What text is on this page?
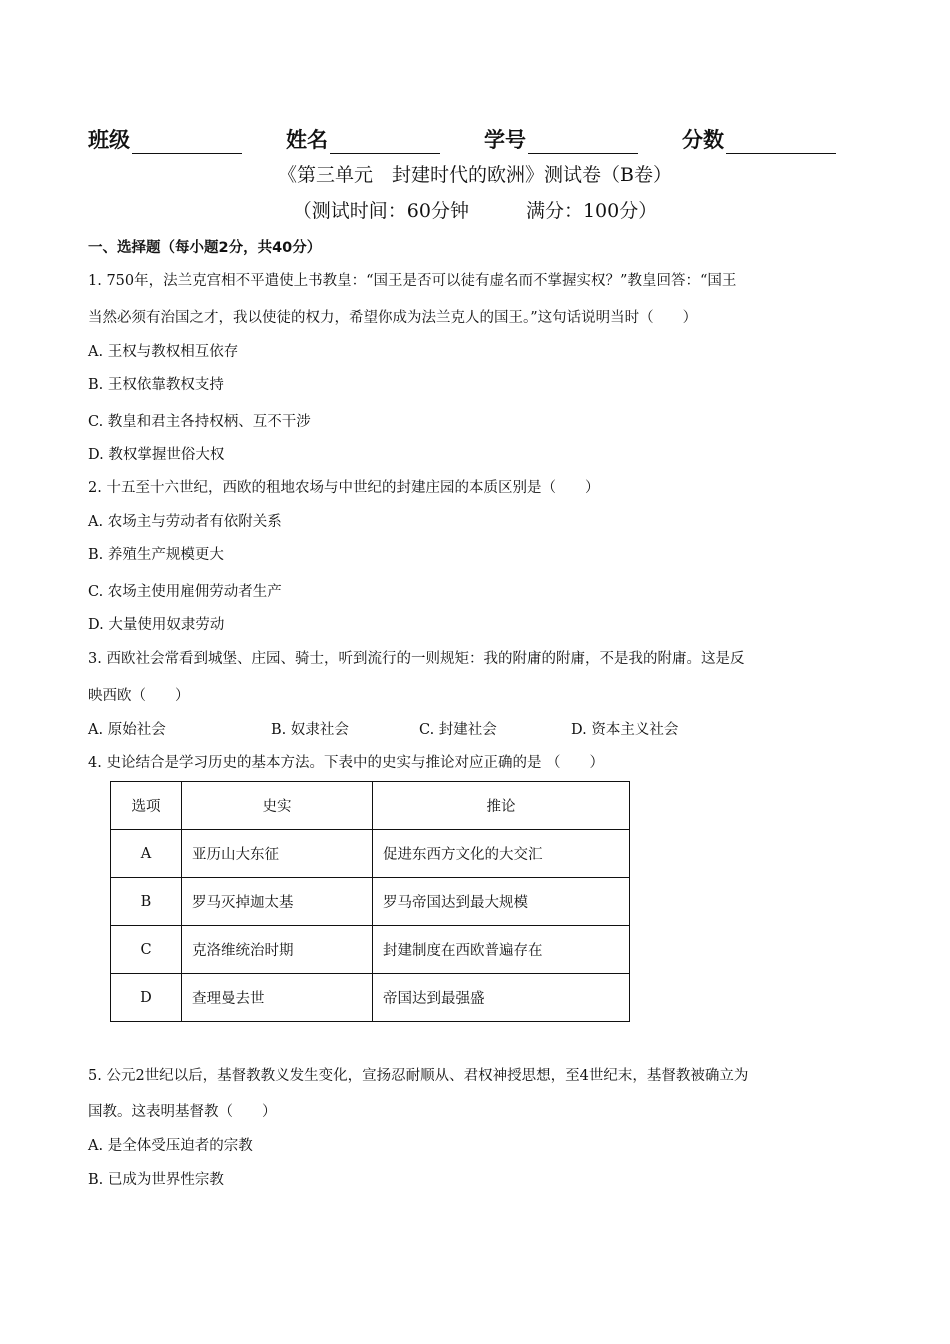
班级	姓名	学号	分数
《第三单元　封建时代的欧洲》测试卷（B卷）
（测试时间：60分钟　　　满分：100分）
一、选择题（每小题2分，共40分）
1. 750年，法兰克宫相不平遣使上书教皇：“国王是否可以徒有虚名而不掌握实权？”教皇回答：“国王
当然必须有治国之才，我以使徒的权力，希望你成为法兰克人的国王。”这句话说明当时（　　）
A. 王权与教权相互依存
B. 王权依靠教权支持
C. 教皇和君主各持权柄、互不干涉
D. 教权掌握世俗大权
2. 十五至十六世纪，西欧的租地农场与中世纪的封建庄园的本质区别是（　　）
A. 农场主与劳动者有依附关系
B. 养殖生产规模更大
C. 农场主使用雇佣劳动者生产
D. 大量使用奴隶劳动
3. 西欧社会常看到城堡、庄园、骑士，听到流行的一则规矩：我的附庸的附庸，不是我的附庸。这是反
映西欧（　　）
A. 原始社会	B. 奴隶社会	C. 封建社会	D. 资本主义社会
4. 史论结合是学习历史的基本方法。下表中的史实与推论对应正确的是 （　　）
选项	史实	推论
A	亚历山大东征	促进东西方文化的大交汇
B	罗马灭掉迦太基	罗马帝国达到最大规模
C	克洛维统治时期	封建制度在西欧普遍存在
D	查理曼去世	帝国达到最强盛
5. 公元2世纪以后，基督教教义发生变化，宣扬忍耐顺从、君权神授思想，至4世纪末，基督教被确立为
国教。这表明基督教（　　）
A. 是全体受压迫者的宗教
B. 已成为世界性宗教
